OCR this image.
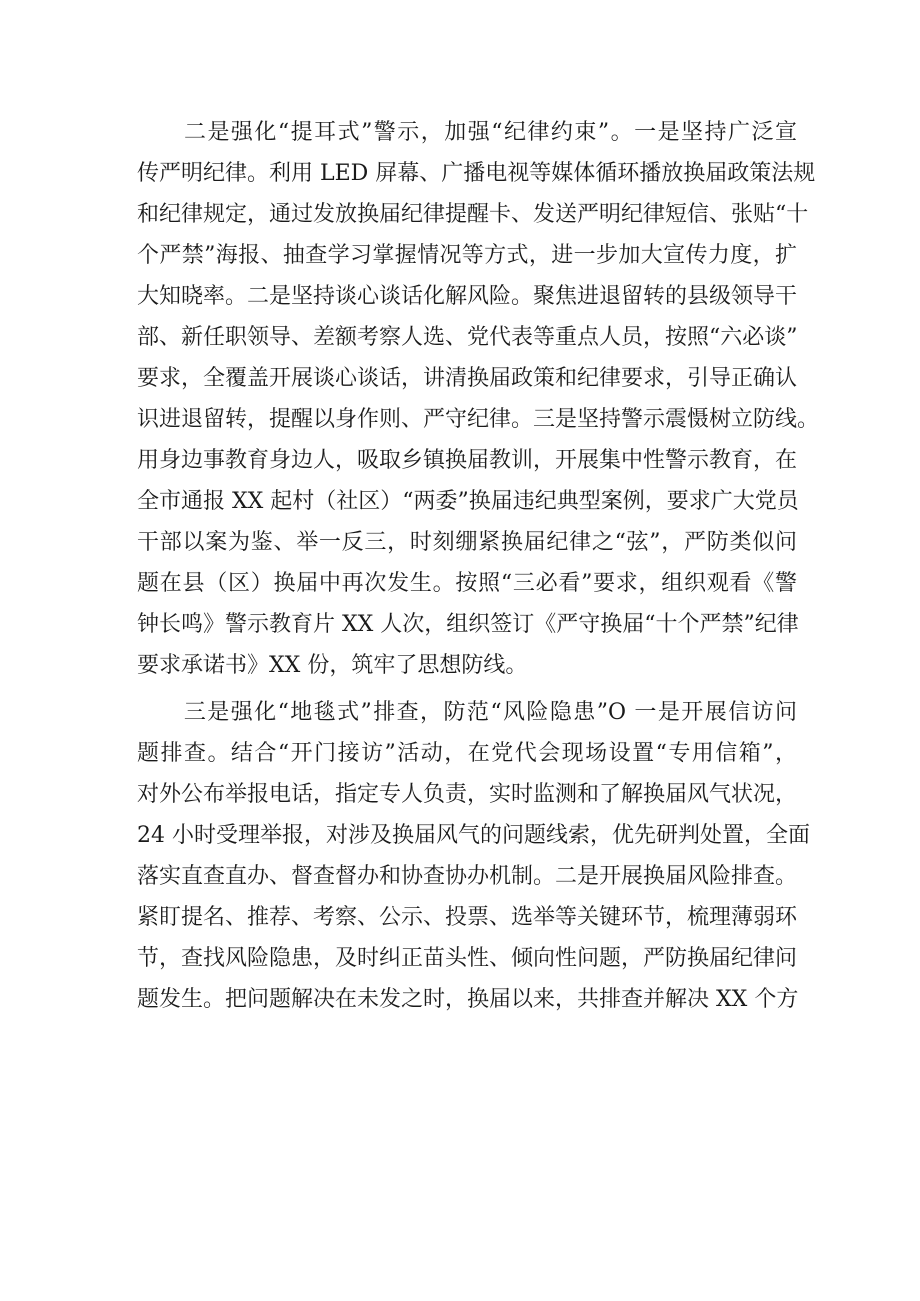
　　二是强化“提耳式”警示，加强“纪律约束”。一是坚持广泛宣
传严明纪律。利用 LED 屏幕、广播电视等媒体循环播放换届政策法规
和纪律规定，通过发放换届纪律提醒卡、发送严明纪律短信、张贴“十
个严禁”海报、抽查学习掌握情况等方式，进一步加大宣传力度，扩
大知晓率。二是坚持谈心谈话化解风险。聚焦进退留转的县级领导干
部、新任职领导、差额考察人选、党代表等重点人员，按照“六必谈”
要求，全覆盖开展谈心谈话，讲清换届政策和纪律要求，引导正确认
识进退留转，提醒以身作则、严守纪律。三是坚持警示震慑树立防线。
用身边事教育身边人，吸取乡镇换届教训，开展集中性警示教育，在
全市通报 XX 起村（社区）“两委”换届违纪典型案例，要求广大党员
干部以案为鉴、举一反三，时刻绷紧换届纪律之“弦”，严防类似问
题在县（区）换届中再次发生。按照“三必看”要求，组织观看《警
钟长鸣》警示教育片 XX 人次，组织签订《严守换届“十个严禁”纪律
要求承诺书》XX 份，筑牢了思想防线。
　　三是强化“地毯式”排查，防范“风险隐患”O 一是开展信访问
题排查。结合“开门接访”活动，在党代会现场设置“专用信箱”，
对外公布举报电话，指定专人负责，实时监测和了解换届风气状况，
24 小时受理举报，对涉及换届风气的问题线索，优先研判处置，全面
落实直查直办、督查督办和协查协办机制。二是开展换届风险排查。
紧盯提名、推荐、考察、公示、投票、选举等关键环节，梳理薄弱环
节，查找风险隐患，及时纠正苗头性、倾向性问题，严防换届纪律问
题发生。把问题解决在未发之时，换届以来，共排查并解决 XX 个方
